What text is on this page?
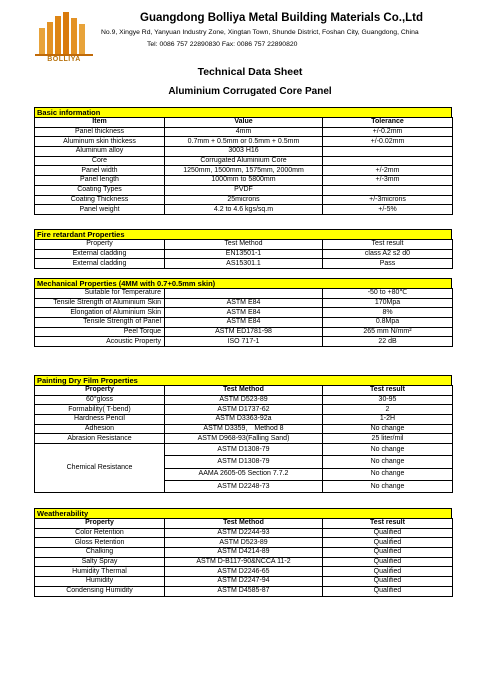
BOLLIYA
Guangdong Bolliya Metal Building Materials Co.,Ltd
No.9, Xingye Rd, Yanyuan Industry Zone, Xingtan Town, Shunde District, Foshan City, Guangdong, China
Tel: 0086 757 22890830 Fax: 0086 757 22890820
Technical Data Sheet
Aluminium Corrugated Core Panel
Basic information
Item	Value	Tolerance
Panel thickness	4mm	+/-0.2mm
Aluminum skin thickess	0.7mm + 0.5mm or 0.5mm + 0.5mm	+/-0.02mm
Aluminum alloy	3003 H16	
Core	Corrugated Aluminium Core	
Panel width	1250mm, 1500mm, 1575mm, 2000mm	+/-2mm
Panel length	1000mm to 5800mm	+/-3mm
Coating Types	PVDF	
Coating Thickness	25microns	+/-3microns
Panel weight	4.2 to 4.6 kgs/sq.m	+/-5%
Fire retardant Properties
Property	Test Method	Test result
External cladding	EN13501-1	class A2 s2 d0
External cladding	AS15301.1	Pass
Mechanical Properties (4MM with 0.7+0.5mm skin)
Suitable for Temperature		-50 to +80℃
Tensile Strength of Aluminium Skin	ASTM E84	170Mpa
Elongation of Aluminium Skin	ASTM E84	8%
Tensile Strength of Panel	ASTM E84	0.8Mpa
Peel Torque	ASTM ED1781-98	265 mm N/mm²
Acoustic Property	ISO 717-1	22 dB
Painting Dry Film Properties
Property	Test Method	Test result
60°gloss	ASTM D523-89	30-95
Formability( T-bend)	ASTM D1737-62	2
Hardness Pencil	ASTM D3363-92a	1-2H
Adhesion	ASTM D3359， Method 8	No change
Abrasion Resistance	ASTM D968-93(Falling Sand)	25 liter/mil
Chemical Resistance	ASTM D1308-79	No change
	ASTM D1308-79	No change
	AAMA 2605-05 Section 7.7.2	No change
	ASTM D2248-73	No change
Weatherability
Property	Test Method	Test result
Color Retention	ASTM D2244-93	Qualified
Gloss Retention	ASTM D523-89	Qualified
Chalking	ASTM D4214-89	Qualified
Salty Spray	ASTM D-B117-90&NCCA 11-2	Qualified
Humidity Thermal	ASTM D2246-65	Qualified
Humidity	ASTM D2247-94	Qualified
Condensing Humidity	ASTM D4585-87	Qualified
